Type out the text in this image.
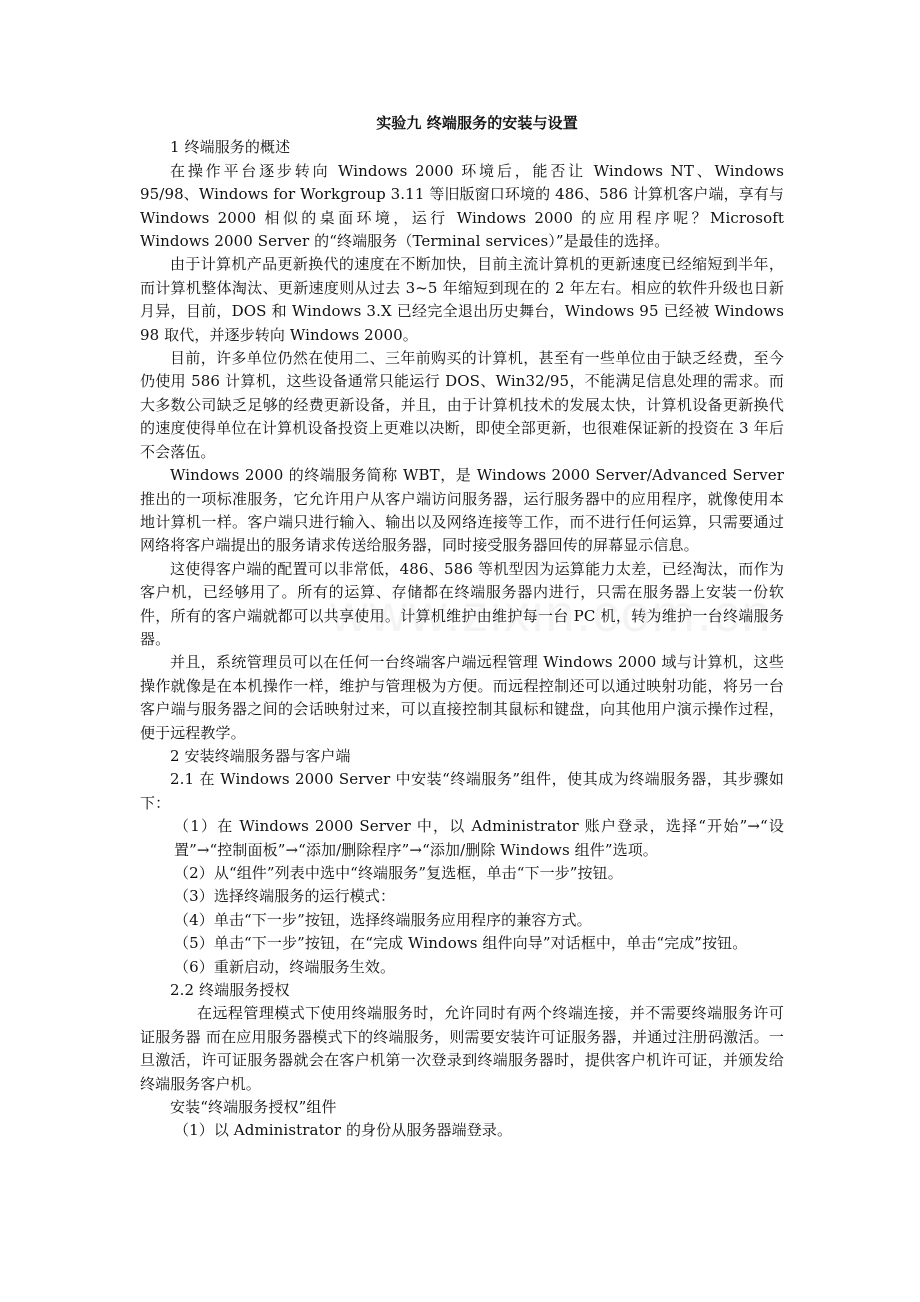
实验九 终端服务的安装与设置
1 终端服务的概述
在操作平台逐步转向 Windows 2000 环境后，能否让 Windows NT、Windows 95/98、Windows for Workgroup 3.11 等旧版窗口环境的 486、586 计算机客户端，享有与 Windows 2000 相似的桌面环境，运行 Windows 2000 的应用程序呢？Microsoft Windows 2000 Server 的“终端服务（Terminal services）”是最佳的选择。
由于计算机产品更新换代的速度在不断加快，目前主流计算机的更新速度已经缩短到半年，而计算机整体淘汰、更新速度则从过去 3~5 年缩短到现在的 2 年左右。相应的软件升级也日新月异，目前，DOS 和 Windows 3.X 已经完全退出历史舞台，Windows 95 已经被 Windows 98 取代，并逐步转向 Windows 2000。
目前，许多单位仍然在使用二、三年前购买的计算机，甚至有一些单位由于缺乏经费，至今仍使用 586 计算机，这些设备通常只能运行 DOS、Win32/95，不能满足信息处理的需求。而大多数公司缺乏足够的经费更新设备，并且，由于计算机技术的发展太快，计算机设备更新换代的速度使得单位在计算机设备投资上更难以决断，即使全部更新，也很难保证新的投资在 3 年后不会落伍。
Windows 2000 的终端服务简称 WBT，是 Windows 2000 Server/Advanced Server 推出的一项标准服务，它允许用户从客户端访问服务器，运行服务器中的应用程序，就像使用本地计算机一样。客户端只进行输入、输出以及网络连接等工作，而不进行任何运算，只需要通过网络将客户端提出的服务请求传送给服务器，同时接受服务器回传的屏幕显示信息。
这使得客户端的配置可以非常低，486、586 等机型因为运算能力太差，已经淘汰，而作为客户机，已经够用了。所有的运算、存储都在终端服务器内进行，只需在服务器上安装一份软件，所有的客户端就都可以共享使用。计算机维护由维护每一台 PC 机，转为维护一台终端服务器。
并且，系统管理员可以在任何一台终端客户端远程管理 Windows 2000 域与计算机，这些操作就像是在本机操作一样，维护与管理极为方便。而远程控制还可以通过映射功能，将另一台客户端与服务器之间的会话映射过来，可以直接控制其鼠标和键盘，向其他用户演示操作过程，便于远程教学。
2 安装终端服务器与客户端
2.1 在 Windows 2000 Server 中安装“终端服务”组件，使其成为终端服务器，其步骤如下：
（1）在 Windows 2000 Server 中，以 Administrator 账户登录，选择“开始”→“设置”→“控制面板”→“添加/删除程序”→“添加/删除 Windows 组件”选项。
（2）从“组件”列表中选中“终端服务”复选框，单击“下一步”按钮。
（3）选择终端服务的运行模式：
（4）单击“下一步”按钮，选择终端服务应用程序的兼容方式。
（5）单击“下一步”按钮，在“完成 Windows 组件向导”对话框中，单击“完成”按钮。
（6）重新启动，终端服务生效。
2.2 终端服务授权
在远程管理模式下使用终端服务时，允许同时有两个终端连接，并不需要终端服务许可证服务器 而在应用服务器模式下的终端服务，则需要安装许可证服务器，并通过注册码激活。一旦激活，许可证服务器就会在客户机第一次登录到终端服务器时，提供客户机许可证，并颁发给终端服务客户机。
安装“终端服务授权”组件
（1）以 Administrator 的身份从服务器端登录。
